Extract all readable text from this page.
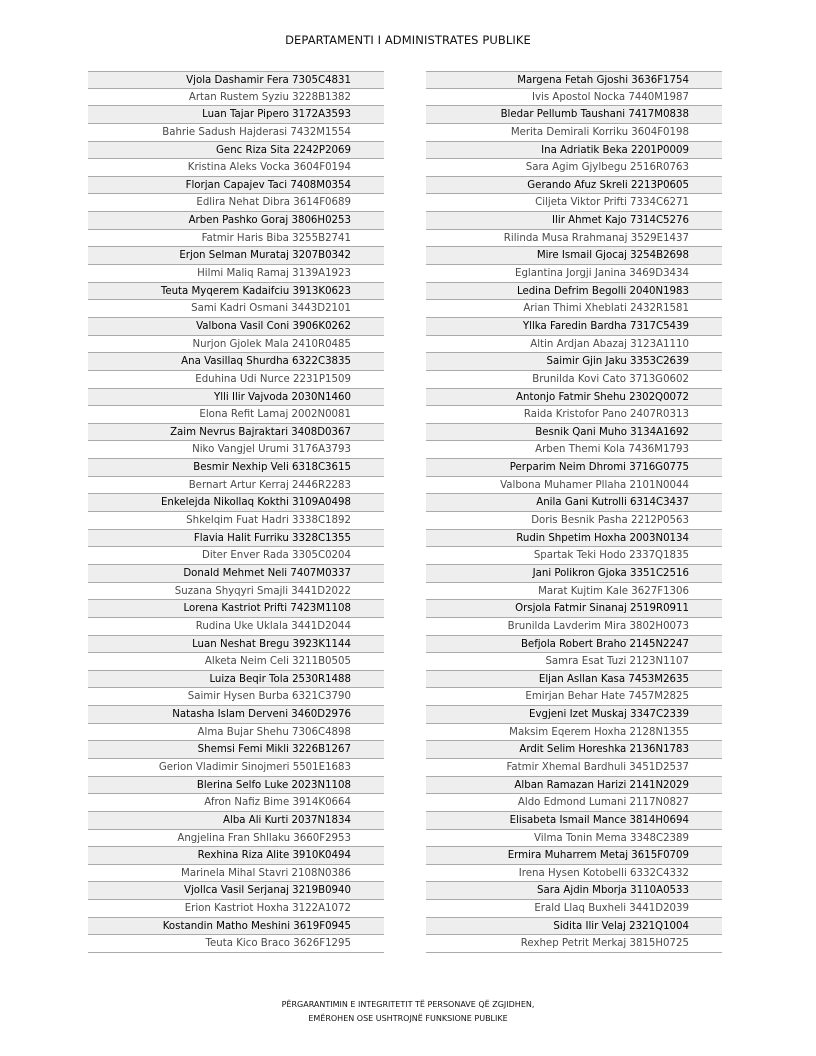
DEPARTAMENTI I ADMINISTRATES PUBLIKE
Vjola Dashamir Fera 7305C4831
Artan Rustem Syziu 3228B1382
Luan Tajar Pipero 3172A3593
Bahrie Sadush Hajderasi 7432M1554
Genc Riza Sita 2242P2069
Kristina Aleks Vocka 3604F0194
Florjan Capajev Taci 7408M0354
Edlira Nehat Dibra 3614F0689
Arben Pashko Goraj 3806H0253
Fatmir Haris Biba 3255B2741
Erjon Selman Murataj 3207B0342
Hilmi Maliq Ramaj 3139A1923
Teuta Myqerem Kadaifciu 3913K0623
Sami Kadri Osmani 3443D2101
Valbona Vasil Coni 3906K0262
Nurjon Gjolek Mala 2410R0485
Ana Vasillaq Shurdha 6322C3835
Eduhina Udi Nurce 2231P1509
Ylli Ilir Vajvoda 2030N1460
Elona Refit Lamaj 2002N0081
Zaim Nevrus Bajraktari 3408D0367
Niko Vangjel Urumi 3176A3793
Besmir Nexhip Veli 6318C3615
Bernart Artur Kerraj 2446R2283
Enkelejda Nikollaq Kokthi 3109A0498
Shkelqim Fuat Hadri 3338C1892
Flavia Halit Furriku 3328C1355
Diter Enver Rada 3305C0204
Donald Mehmet Neli 7407M0337
Suzana Shyqyri Smajli 3441D2022
Lorena Kastriot Prifti 7423M1108
Rudina Uke Uklala 3441D2044
Luan Neshat Bregu 3923K1144
Alketa Neim Celi 3211B0505
Luiza Beqir Tola 2530R1488
Saimir Hysen Burba 6321C3790
Natasha Islam Derveni 3460D2976
Alma Bujar Shehu 7306C4898
Shemsi Femi Mikli 3226B1267
Gerion Vladimir Sinojmeri 5501E1683
Blerina Selfo Luke 2023N1108
Afron Nafiz Bime 3914K0664
Alba Ali Kurti 2037N1834
Angjelina Fran Shllaku 3660F2953
Rexhina Riza Alite 3910K0494
Marinela Mihal Stavri 2108N0386
Vjollca Vasil Serjanaj 3219B0940
Erion Kastriot Hoxha 3122A1072
Kostandin Matho Meshini 3619F0945
Teuta Kico Braco 3626F1295
Margena Fetah Gjoshi 3636F1754
Ivis Apostol Nocka 7440M1987
Bledar Pellumb Taushani 7417M0838
Merita Demirali Korriku 3604F0198
Ina Adriatik Beka 2201P0009
Sara Agim Gjylbegu 2516R0763
Gerando Afuz Skreli 2213P0605
Ciljeta Viktor Prifti 7334C6271
Ilir Ahmet Kajo 7314C5276
Rilinda Musa Rrahmanaj 3529E1437
Mire Ismail Gjocaj 3254B2698
Eglantina Jorgji Janina 3469D3434
Ledina Defrim Begolli 2040N1983
Arian Thimi Xheblati 2432R1581
Yllka Faredin Bardha 7317C5439
Altin Ardjan Abazaj 3123A1110
Saimir Gjin Jaku 3353C2639
Brunilda Kovi Cato 3713G0602
Antonjo Fatmir Shehu 2302Q0072
Raida Kristofor Pano 2407R0313
Besnik Qani Muho 3134A1692
Arben Themi Kola 7436M1793
Perparim Neim Dhromi 3716G0775
Valbona Muhamer Pllaha 2101N0044
Anila Gani Kutrolli 6314C3437
Doris Besnik Pasha 2212P0563
Rudin Shpetim Hoxha 2003N0134
Spartak Teki Hodo 2337Q1835
Jani Polikron Gjoka 3351C2516
Marat Kujtim Kale 3627F1306
Orsjola Fatmir Sinanaj 2519R0911
Brunilda Lavderim Mira 3802H0073
Befjola Robert Braho 2145N2247
Samra Esat Tuzi 2123N1107
Eljan Asllan Kasa 7453M2635
Emirjan Behar Hate 7457M2825
Evgjeni Izet Muskaj 3347C2339
Maksim Eqerem Hoxha 2128N1355
Ardit Selim Horeshka 2136N1783
Fatmir Xhemal Bardhuli 3451D2537
Alban Ramazan Harizi 2141N2029
Aldo Edmond Lumani 2117N0827
Elisabeta Ismail Mance 3814H0694
Vilma Tonin Mema 3348C2389
Ermira Muharrem Metaj 3615F0709
Irena Hysen Kotobelli 6332C4332
Sara Ajdin Mborja 3110A0533
Erald Llaq Buxheli 3441D2039
Sidita Ilir Velaj 2321Q1004
Rexhep Petrit Merkaj 3815H0725
PËRGARANTIMIN E INTEGRITETIT TË PERSONAVE QË ZGJIDHEN,
EMËROHEN OSE USHTROJNË FUNKSIONE PUBLIKE
